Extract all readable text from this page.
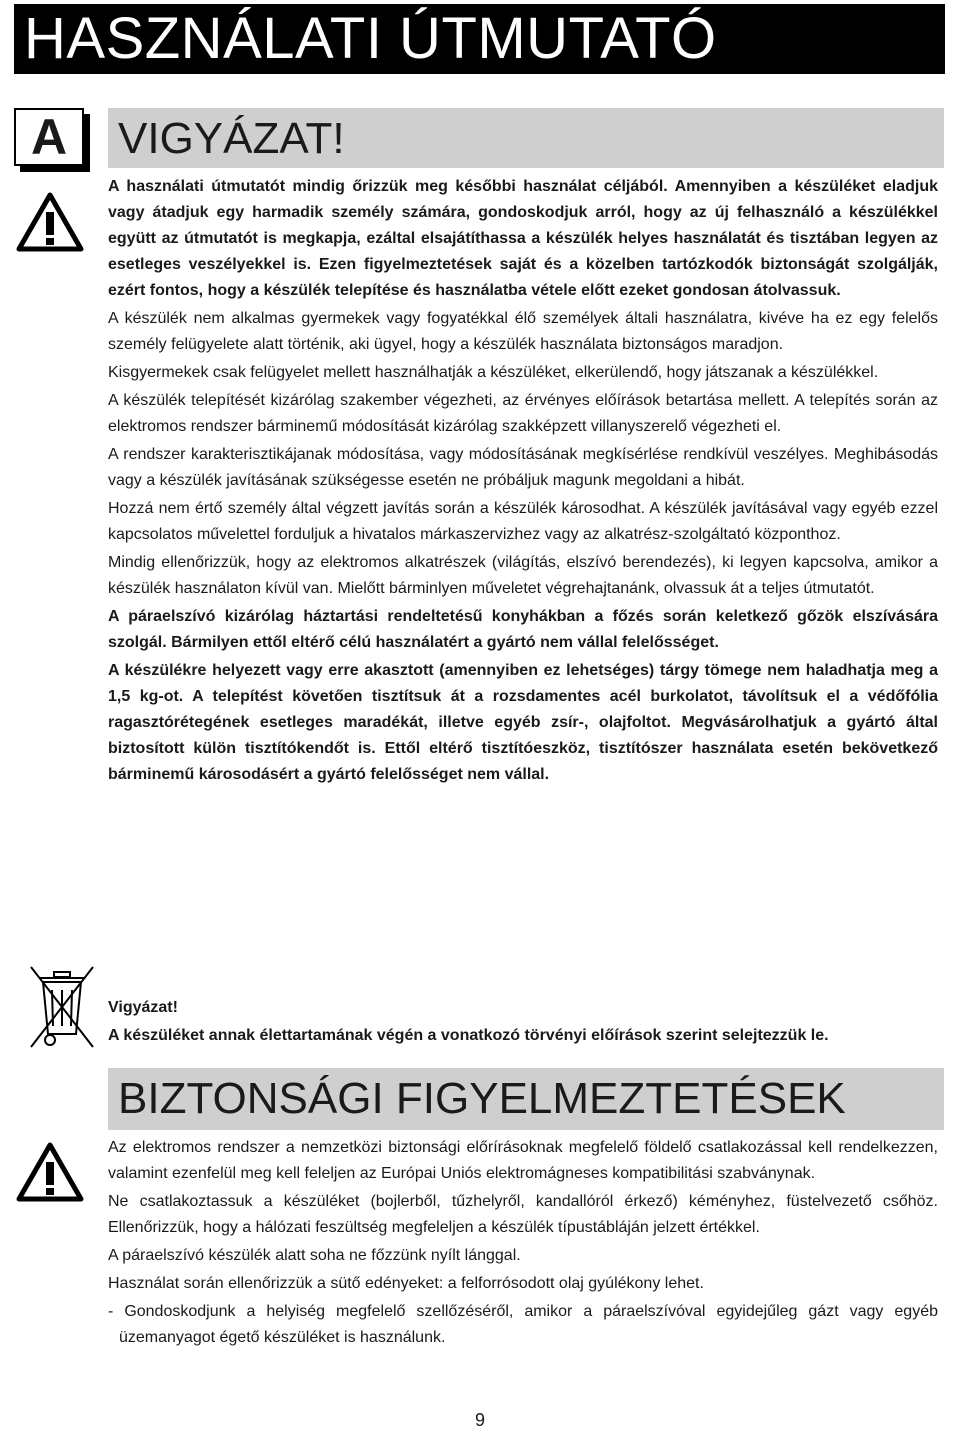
HASZNÁLATI ÚTMUTATÓ
A	VIGYÁZAT!

A használati útmutatót mindig őrizzük meg későbbi használat céljából. Amennyiben a készüléket eladjuk vagy átadjuk egy harmadik személy számára, gondoskodjuk arról, hogy az új felhasználó a készülékkel együtt az útmutatót is megkapja, ezáltal elsajátíthassa a készülék helyes használatát és tisztában legyen az esetleges veszélyekkel is. Ezen figyelmeztetések saját és a közelben tartózkodók biztonságát szolgálják, ezért fontos, hogy a készülék telepítése és használatba vétele előtt ezeket gondosan átolvassuk.

A készülék nem alkalmas gyermekek vagy fogyatékkal élő személyek általi használatra, kivéve ha ez egy felelős személy felügyelete alatt történik, aki ügyel, hogy a készülék használata biztonságos maradjon.

Kisgyermekek csak felügyelet mellett használhatják a készüléket, elkerülendő, hogy játszanak a készülékkel.

A készülék telepítését kizárólag szakember végezheti, az érvényes előírások betartása mellett. A telepítés során az elektromos rendszer bárminemű módosítását kizárólag szakképzett villanyszerelő végezheti el.

A rendszer karakterisztikájanak módosítása, vagy módosításának megkísérlése rendkívül veszélyes. Meghibásodás vagy a készülék javításának szükségesse esetén ne próbáljuk magunk megoldani a hibát.

Hozzá nem értő személy által végzett javítás során a készülék károsodhat. A készülék javításával vagy egyéb ezzel kapcsolatos művelettel forduljuk a hivatalos márkaszervizhez vagy az alkatrész-szolgáltató központhoz.

Mindig ellenőrizzük, hogy az elektromos alkatrészek (világítás, elszívó berendezés), ki legyen kapcsolva, amikor a készülék használaton kívül van. Mielőtt bárminlyen műveletet végrehajtanánk, olvassuk át a teljes útmutatót.

A páraelszívó kizárólag háztartási rendeltetésű konyhákban a főzés során keletkező gőzök elszívására szolgál. Bármilyen ettől eltérő célú használatért a gyártó nem vállal felelősséget.

A készülékre helyezett vagy erre akasztott (amennyiben ez lehetséges) tárgy tömege nem haladhatja meg a 1,5 kg-ot. A telepítést követően tisztítsuk át a rozsdamentes acél burkolatot, távolítsuk el a védőfólia ragasztórétegének esetleges maradékát, illetve egyéb zsír-, olajfoltot. Megvásárolhatjuk a gyártó által biztosított külön tisztítókendőt is. Ettől eltérő tisztítóeszköz, tisztítószer használata esetén bekövetkező bárminemű károsodásért a gyártó felelősséget nem vállal.

Vigyázat!

A készüléket annak élettartamának végén a vonatkozó törvényi előírások szerint selejtezzük le.

BIZTONSÁGI FIGYELMEZTETÉSEK

Az elektromos rendszer a nemzetközi biztonsági előrírásoknak megfelelő földelő csatlakozással kell rendelkezzen, valamint ezenfelül meg kell feleljen az Európai Uniós elektromágneses kompatibilitási szabványnak.

Ne csatlakoztassuk a készüléket (bojlerből, tűzhelyről, kandallóról érkező) kéményhez, füstelvezető csőhöz. Ellenőrizzük, hogy a hálózati feszültség megfeleljen a készülék típustábláján jelzett értékkel.

A páraelszívó készülék alatt soha ne főzzünk nyílt lánggal.

Használat során ellenőrizzük a sütő edényeket: a felforrósodott olaj gyúlékony lehet.

- Gondoskodjunk a helyiség megfelelő szellőzéséről, amikor a páraelszívóval egyidejűleg gázt vagy egyéb üzemanyagot égető készüléket is használunk.

9
